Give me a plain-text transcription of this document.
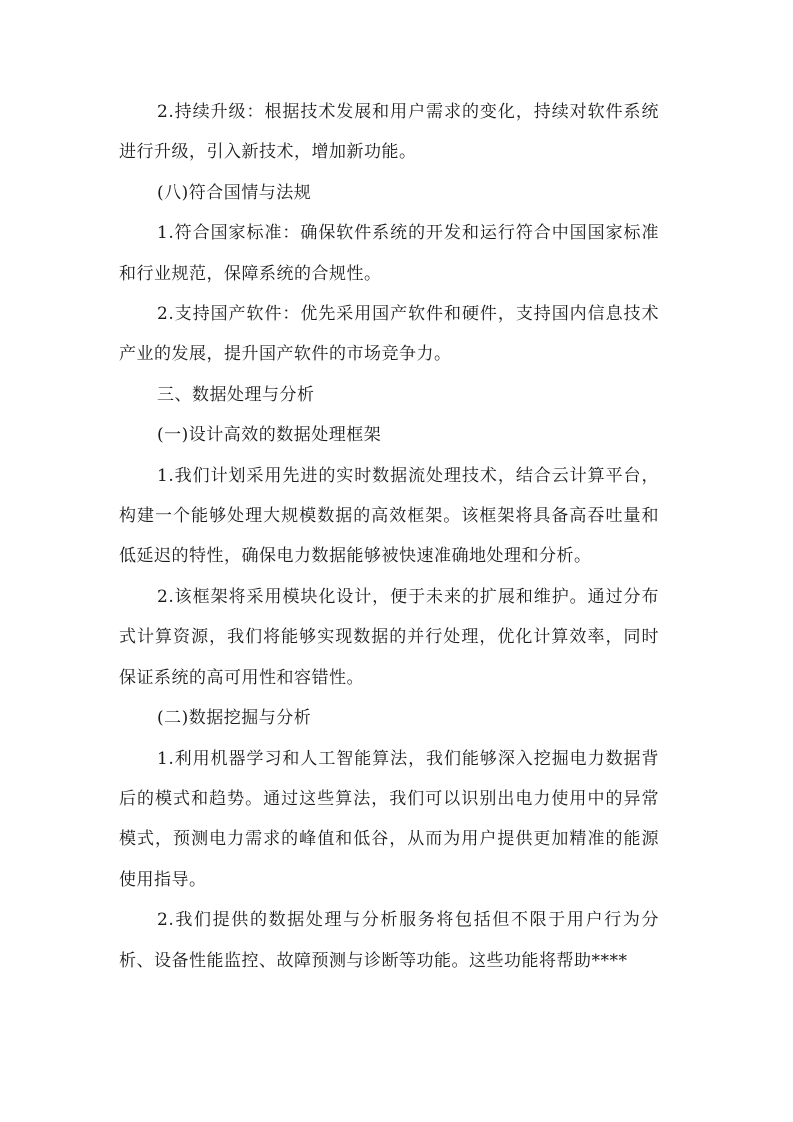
2.持续升级：根据技术发展和用户需求的变化，持续对软件系统进行升级，引入新技术，增加新功能。

(八)符合国情与法规

1.符合国家标准：确保软件系统的开发和运行符合中国国家标准和行业规范，保障系统的合规性。

2.支持国产软件：优先采用国产软件和硬件，支持国内信息技术产业的发展，提升国产软件的市场竞争力。

三、数据处理与分析

(一)设计高效的数据处理框架

1.我们计划采用先进的实时数据流处理技术，结合云计算平台，构建一个能够处理大规模数据的高效框架。该框架将具备高吞吐量和低延迟的特性，确保电力数据能够被快速准确地处理和分析。

2.该框架将采用模块化设计，便于未来的扩展和维护。通过分布式计算资源，我们将能够实现数据的并行处理，优化计算效率，同时保证系统的高可用性和容错性。

(二)数据挖掘与分析

1.利用机器学习和人工智能算法，我们能够深入挖掘电力数据背后的模式和趋势。通过这些算法，我们可以识别出电力使用中的异常模式，预测电力需求的峰值和低谷，从而为用户提供更加精准的能源使用指导。

2.我们提供的数据处理与分析服务将包括但不限于用户行为分析、设备性能监控、故障预测与诊断等功能。这些功能将帮助****
